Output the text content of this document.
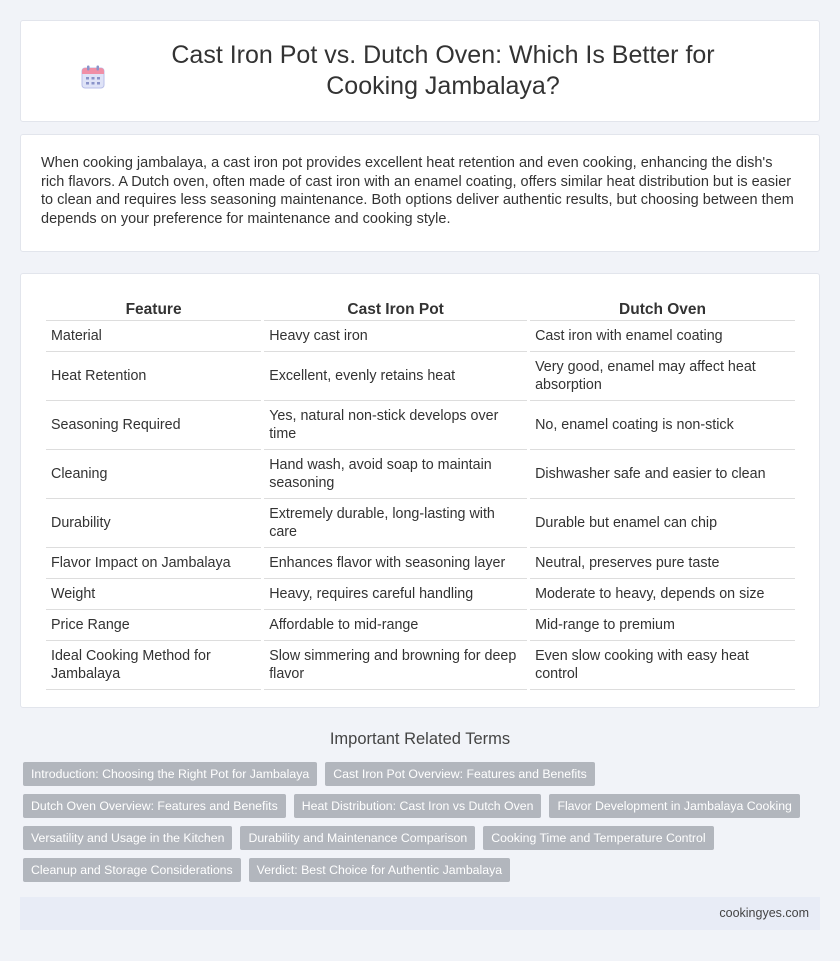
Cast Iron Pot vs. Dutch Oven: Which Is Better for Cooking Jambalaya?

When cooking jambalaya, a cast iron pot provides excellent heat retention and even cooking, enhancing the dish's rich flavors. A Dutch oven, often made of cast iron with an enamel coating, offers similar heat distribution but is easier to clean and requires less seasoning maintenance. Both options deliver authentic results, but choosing between them depends on your preference for maintenance and cooking style.

Feature	Cast Iron Pot	Dutch Oven
Material	Heavy cast iron	Cast iron with enamel coating
Heat Retention	Excellent, evenly retains heat	Very good, enamel may affect heat absorption
Seasoning Required	Yes, natural non-stick develops over time	No, enamel coating is non-stick
Cleaning	Hand wash, avoid soap to maintain seasoning	Dishwasher safe and easier to clean
Durability	Extremely durable, long-lasting with care	Durable but enamel can chip
Flavor Impact on Jambalaya	Enhances flavor with seasoning layer	Neutral, preserves pure taste
Weight	Heavy, requires careful handling	Moderate to heavy, depends on size
Price Range	Affordable to mid-range	Mid-range to premium
Ideal Cooking Method for Jambalaya	Slow simmering and browning for deep flavor	Even slow cooking with easy heat control
Important Related Terms
Introduction: Choosing the Right Pot for Jambalaya	Cast Iron Pot Overview: Features and Benefits
Dutch Oven Overview: Features and Benefits	Heat Distribution: Cast Iron vs Dutch Oven	Flavor Development in Jambalaya Cooking
Versatility and Usage in the Kitchen	Durability and Maintenance Comparison	Cooking Time and Temperature Control
Cleanup and Storage Considerations	Verdict: Best Choice for Authentic Jambalaya
cookingyes.com
